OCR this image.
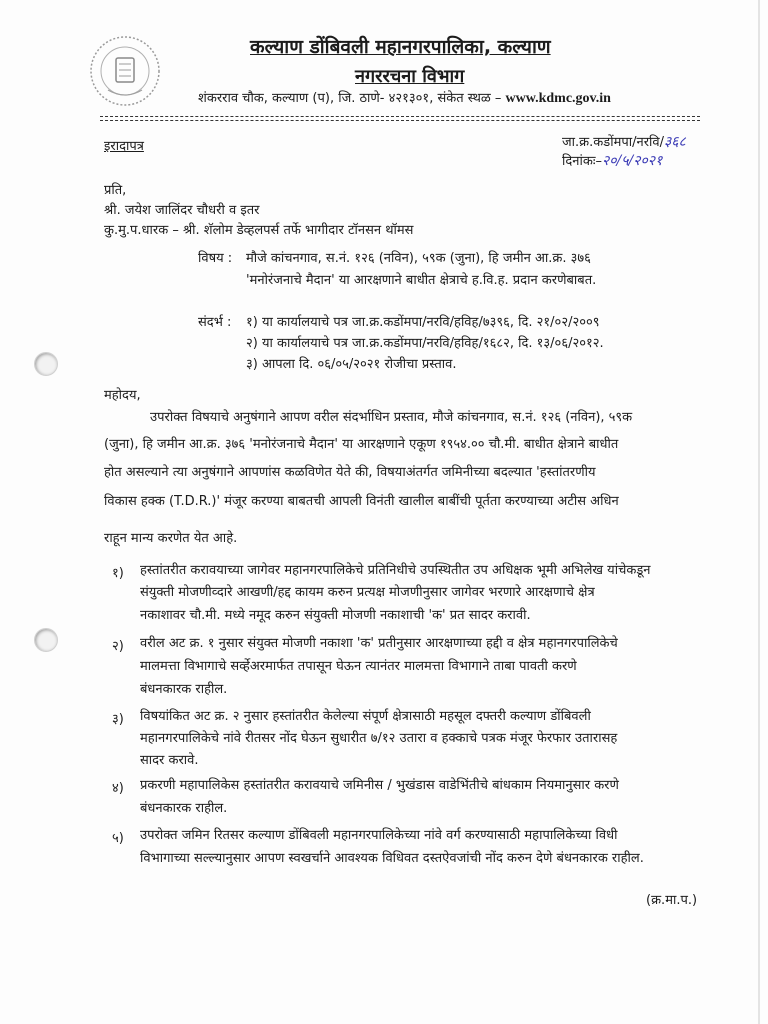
कल्याण डोंबिवली महानगरपालिका, कल्याण
नगररचना विभाग
शंकरराव चौक, कल्याण (प), जि. ठाणे- ४२१३०१, संकेत स्थळ – www.kdmc.gov.in
इरादापत्र	जा.क्र.कडोंमपा/नरवि/३६८
दिनांकः–२०/५/२०२१
प्रति,
श्री. जयेश जालिंदर चौधरी व इतर
कु.मु.प.धारक – श्री. शॅलोम डेव्हलपर्स तर्फे भागीदार टॉनसन थॉमस
विषय : मौजे कांचनगाव, स.नं. १२६ (नविन), ५९क (जुना), हि जमीन आ.क्र. ३७६
'मनोरंजनाचे मैदान' या आरक्षणाने बाधीत क्षेत्राचे ह.वि.ह. प्रदान करणेबाबत.
संदर्भ : १) या कार्यालयाचे पत्र जा.क्र.कडोंमपा/नरवि/हविह/७३९६, दि. २१/०२/२००९
२) या कार्यालयाचे पत्र जा.क्र.कडोंमपा/नरवि/हविह/१६८२, दि. १३/०६/२०१२.
३) आपला दि. ०६/०५/२०२१ रोजीचा प्रस्ताव.
महोदय,
उपरोक्त विषयाचे अनुषंगाने आपण वरील संदर्भाधिन प्रस्ताव, मौजे कांचनगाव, स.नं. १२६ (नविन), ५९क
(जुना), हि जमीन आ.क्र. ३७६ 'मनोरंजनाचे मैदान' या आरक्षणाने एकूण १९५४.०० चौ.मी. बाधीत क्षेत्राने बाधीत
होत असल्याने त्या अनुषंगाने आपणांस कळविणेत येते की, विषयाअंतर्गत जमिनीच्या बदल्यात 'हस्तांतरणीय
विकास हक्क (T.D.R.)' मंजूर करण्या बाबतची आपली विनंती खालील बाबींची पूर्तता करण्याच्या अटीस अधिन
राहून मान्य करणेत येत आहे.
१) हस्तांतरीत करावयाच्या जागेवर महानगरपालिकेचे प्रतिनिधीचे उपस्थितीत उप अधिक्षक भूमी अभिलेख यांचेकडून
संयुक्ती मोजणीव्दारे आखणी/हद्द कायम करुन प्रत्यक्ष मोजणीनुसार जागेवर भरणारे आरक्षणाचे क्षेत्र
नकाशावर चौ.मी. मध्ये नमूद करुन संयुक्ती मोजणी नकाशाची 'क' प्रत सादर करावी.
२) वरील अट क्र. १ नुसार संयुक्त मोजणी नकाशा 'क' प्रतीनुसार आरक्षणाच्या हद्दी व क्षेत्र महानगरपालिकेचे
मालमत्ता विभागाचे सर्व्हेअरमार्फत तपासून घेऊन त्यानंतर मालमत्ता विभागाने ताबा पावती करणे
बंधनकारक राहील.
३) विषयांकित अट क्र. २ नुसार हस्तांतरीत केलेल्या संपूर्ण क्षेत्रासाठी महसूल दफ्तरी कल्याण डोंबिवली
महानगरपालिकेचे नांवे रीतसर नोंद घेऊन सुधारीत ७/१२ उतारा व हक्काचे पत्रक मंजूर फेरफार उतारासह
सादर करावे.
४) प्रकरणी महापालिकेस हस्तांतरीत करावयाचे जमिनीस / भुखंडास वाडेभिंतीचे बांधकाम नियमानुसार करणे
बंधनकारक राहील.
५) उपरोक्त जमिन रितसर कल्याण डोंबिवली महानगरपालिकेच्या नांवे वर्ग करण्यासाठी महापालिकेच्या विधी
विभागाच्या सल्ल्यानुसार आपण स्वखर्चाने आवश्यक विधिवत दस्तऐवजांची नोंद करुन देणे बंधनकारक राहील.
(क्र.मा.प.)
